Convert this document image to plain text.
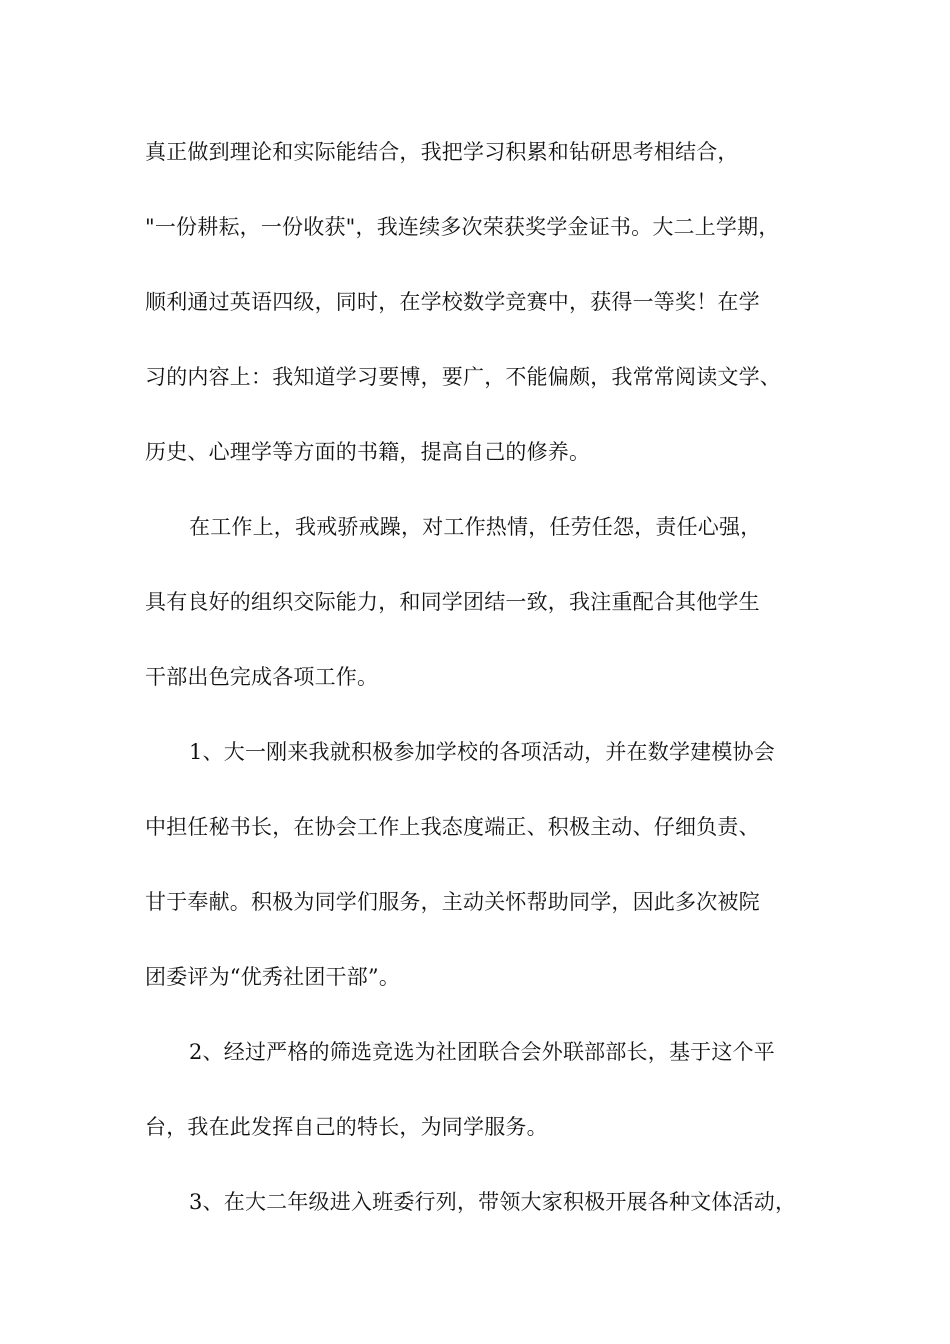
真正做到理论和实际能结合，我把学习积累和钻研思考相结合，
"一份耕耘，一份收获"，我连续多次荣获奖学金证书。大二上学期，
顺利通过英语四级，同时，在学校数学竞赛中，获得一等奖！在学
习的内容上：我知道学习要博，要广，不能偏颇，我常常阅读文学、
历史、心理学等方面的书籍，提高自己的修养。
在工作上，我戒骄戒躁，对工作热情，任劳任怨，责任心强，
具有良好的组织交际能力，和同学团结一致，我注重配合其他学生
干部出色完成各项工作。
1、大一刚来我就积极参加学校的各项活动，并在数学建模协会
中担任秘书长，在协会工作上我态度端正、积极主动、仔细负责、
甘于奉献。积极为同学们服务，主动关怀帮助同学，因此多次被院
团委评为“优秀社团干部”。
2、经过严格的筛选竞选为社团联合会外联部部长，基于这个平
台，我在此发挥自己的特长，为同学服务。
3、在大二年级进入班委行列，带领大家积极开展各种文体活动，
